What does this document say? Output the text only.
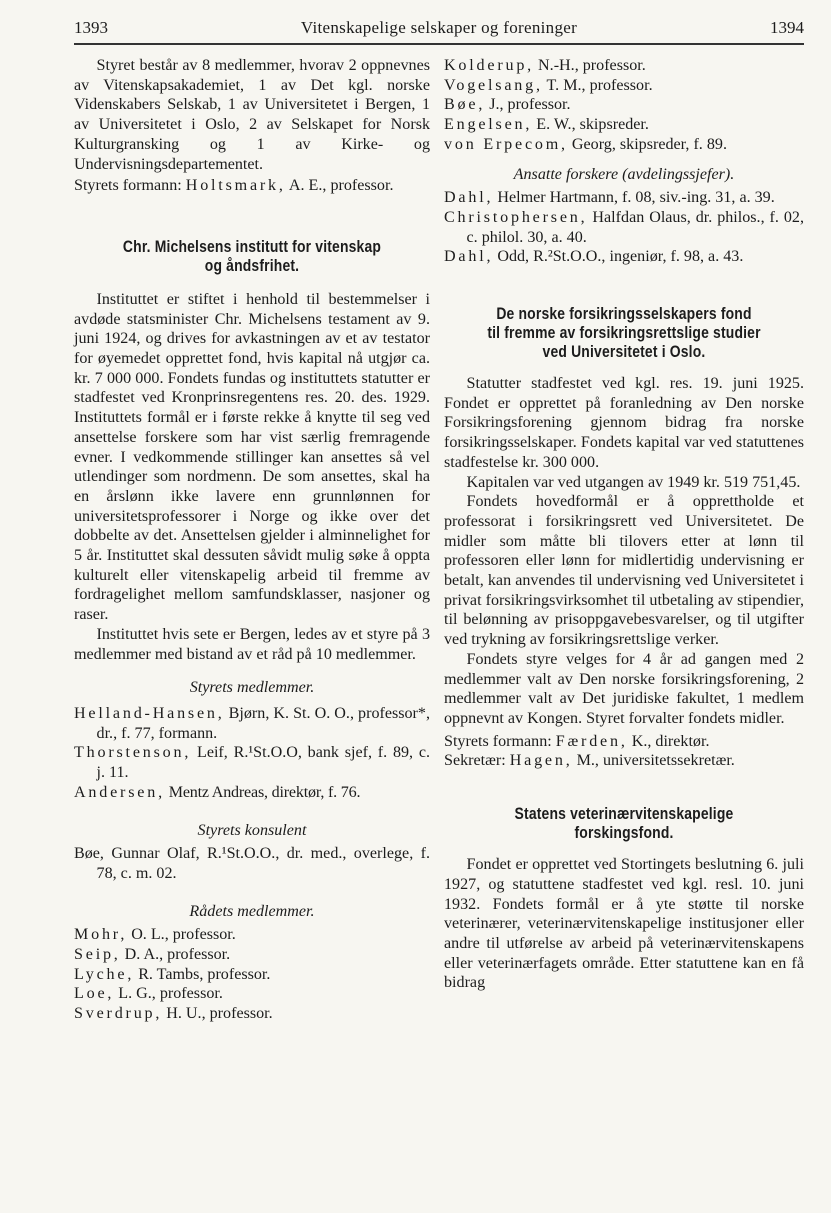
1393	Vitenskapelige selskaper og foreninger	1394

Styret består av 8 medlemmer, hvorav 2 oppnevnes av Vitenskapsakademiet, 1 av Det kgl. norske Videnskabers Selskab, 1 av Universitetet i Bergen, 1 av Universitetet i Oslo, 2 av Selskapet for Norsk Kulturgransking og 1 av Kirke- og Undervisningsdepartementet.

Styrets formann: Holtsmark, A. E., professor.

Chr. Michelsens institutt for vitenskap

og åndsfrihet.

Instituttet er stiftet i henhold til bestemmelser i avdøde statsminister Chr. Michelsens testament av 9. juni 1924, og drives for avkastningen av et av testator for øyemedet opprettet fond, hvis kapital nå utgjør ca. kr. 7 000 000. Fondets fundas og instituttets statutter er stadfestet ved Kronprinsregentens res. 20. des. 1929. Instituttets formål er i første rekke å knytte til seg ved ansettelse forskere som har vist særlig fremragende evner. I vedkommende stillinger kan ansettes så vel utlendinger som nordmenn. De som ansettes, skal ha en årslønn ikke lavere enn grunnlønnen for universitetsprofessorer i Norge og ikke over det dobbelte av det. Ansettelsen gjelder i alminnelighet for 5 år. Instituttet skal dessuten såvidt mulig søke å oppta kulturelt eller vitenskapelig arbeid til fremme av fordragelighet mellom samfundsklasser, nasjoner og raser.

Instituttet hvis sete er Bergen, ledes av et styre på 3 medlemmer med bistand av et råd på 10 medlemmer.

Styrets medlemmer.

Helland-Hansen, Bjørn, K. St. O. O., professor*, dr., f. 77, formann.

Thorstenson, Leif, R.¹St.O.O, bank sjef, f. 89, c. j. 11.

Andersen, Mentz Andreas, direktør, f. 76.

Styrets konsulent

Bøe, Gunnar Olaf, R.¹St.O.O., dr. med., overlege, f. 78, c. m. 02.

Rådets medlemmer.

Mohr, O. L., professor.

Seip, D. A., professor.

Lyche, R. Tambs, professor.

Loe, L. G., professor.

Sverdrup, H. U., professor.

Kolderup, N.-H., professor.

Vogelsang, T. M., professor.

Bøe, J., professor.

Engelsen, E. W., skipsreder.

von Erpecom, Georg, skipsreder, f. 89.

Ansatte forskere (avdelingssjefer).

Dahl, Helmer Hartmann, f. 08, siv.-ing. 31, a. 39.

Christophersen, Halfdan Olaus, dr. philos., f. 02, c. philol. 30, a. 40.

Dahl, Odd, R.²St.O.O., ingeniør, f. 98, a. 43.

De norske forsikringsselskapers fond

til fremme av forsikringsrettslige studier

ved Universitetet i Oslo.

Statutter stadfestet ved kgl. res. 19. juni 1925. Fondet er opprettet på foranledning av Den norske Forsikringsforening gjennom bidrag fra norske forsikringsselskaper. Fondets kapital var ved statuttenes stadfestelse kr. 300 000.

Kapitalen var ved utgangen av 1949 kr. 519 751,45.

Fondets hovedformål er å opprettholde et professorat i forsikringsrett ved Universitetet. De midler som måtte bli tilovers etter at lønn til professoren eller lønn for midlertidig undervisning er betalt, kan anvendes til undervisning ved Universitetet i privat forsikringsvirksomhet til utbetaling av stipendier, til belønning av prisoppgavebesvarelser, og til utgifter ved trykning av forsikringsrettslige verker.

Fondets styre velges for 4 år ad gangen med 2 medlemmer valt av Den norske forsikringsforening, 2 medlemmer valt av Det juridiske fakultet, 1 medlem oppnevnt av Kongen. Styret forvalter fondets midler.

Styrets formann: Færden, K., direktør.

Sekretær: Hagen, M., universitetssekretær.

Statens veterinærvitenskapelige

forskingsfond.

Fondet er opprettet ved Stortingets beslutning 6. juli 1927, og statuttene stadfestet ved kgl. resl. 10. juni 1932. Fondets formål er å yte støtte til norske veterinærer, veterinærvitenskapelige institusjoner eller andre til utførelse av arbeid på veterinærvitenskapens eller veterinærfagets område. Etter statuttene kan en få bidrag
